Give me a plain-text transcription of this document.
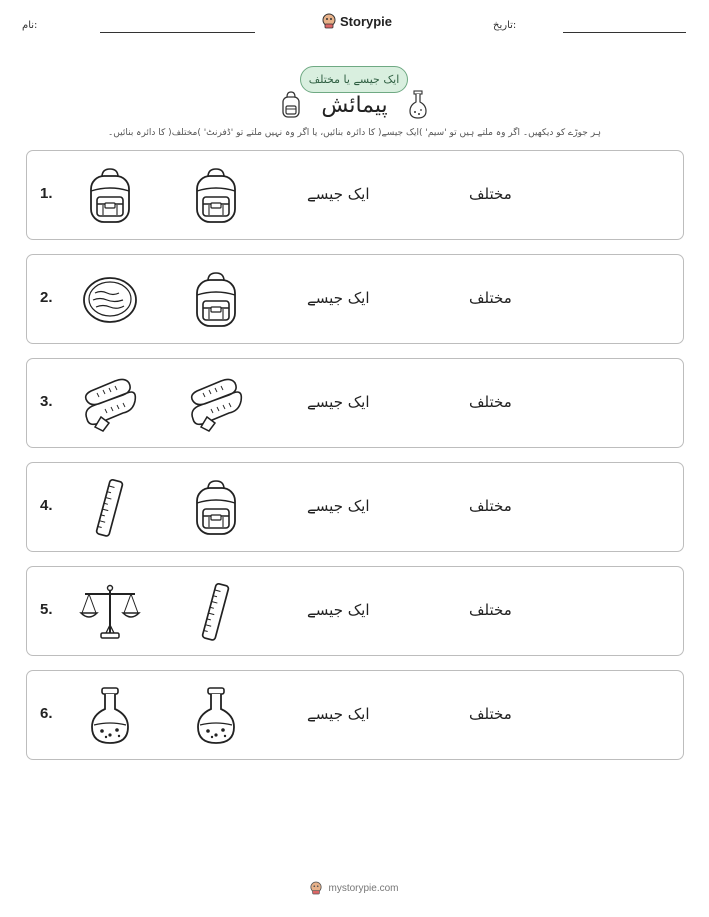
نام:	Storypie	تاریخ:
ایک جیسے یا مختلف
پیمائش
ہر جوڑے کو دیکھیں۔ اگر وہ ملتے ہیں تو 'سیم' )ایک جیسے( کا دائرہ بنائیں، یا اگر وہ نہیں ملتے تو 'ڈفرنٹ' )مختلف( کا دائرہ بنائیں۔
1.	ایک جیسے	مختلف
2.	ایک جیسے	مختلف
3.	ایک جیسے	مختلف
4.	ایک جیسے	مختلف
5.	ایک جیسے	مختلف
6.	ایک جیسے	مختلف
mystorypie.com
